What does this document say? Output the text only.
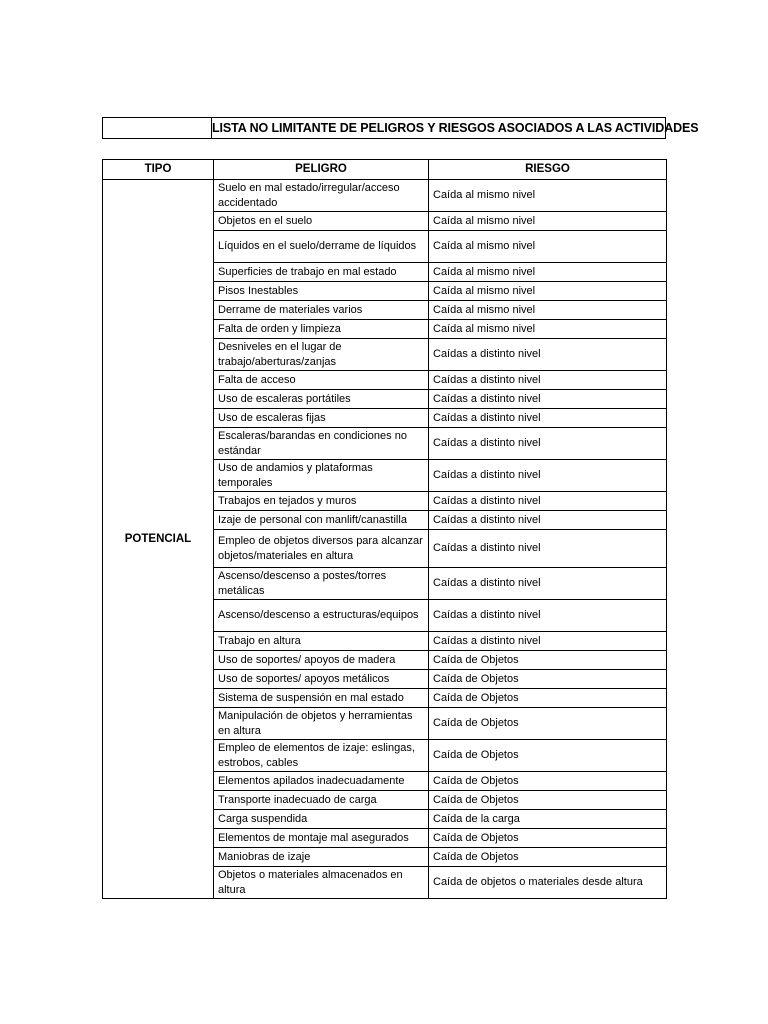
	LISTA NO LIMITANTE DE PELIGROS Y RIESGOS ASOCIADOS A LAS ACTIVIDADES
TIPO	PELIGRO	RIESGO
POTENCIAL	Suelo en mal estado/irregular/acceso accidentado	Caída al mismo nivel
	Objetos en el suelo	Caída al mismo nivel
	Líquidos en el suelo/derrame de líquidos	Caída al mismo nivel
	Superficies de trabajo en mal estado	Caída al mismo nivel
	Pisos Inestables	Caída al mismo nivel
	Derrame de materiales varios	Caída al mismo nivel
	Falta de orden y limpieza	Caída al mismo nivel
	Desniveles en el lugar de trabajo/aberturas/zanjas	Caídas a distinto nivel
	Falta de acceso	Caídas a distinto nivel
	Uso de escaleras portátiles	Caídas a distinto nivel
	Uso de escaleras fijas	Caídas a distinto nivel
	Escaleras/barandas en condiciones no estándar	Caídas a distinto nivel
	Uso de andamios y plataformas temporales	Caídas a distinto nivel
	Trabajos en tejados y muros	Caídas a distinto nivel
	Izaje de personal con manlift/canastilla	Caídas a distinto nivel
	Empleo de objetos diversos para alcanzar objetos/materiales en altura	Caídas a distinto nivel
	Ascenso/descenso a postes/torres metálicas	Caídas a distinto nivel
	Ascenso/descenso a estructuras/equipos	Caídas a distinto nivel
	Trabajo en altura	Caídas a distinto nivel
	Uso de soportes/ apoyos de madera	Caída de Objetos
	Uso de soportes/ apoyos metálicos	Caída de Objetos
	Sistema de suspensión en mal estado	Caída de Objetos
	Manipulación de objetos y herramientas en altura	Caída de Objetos
	Empleo de elementos de izaje: eslingas, estrobos, cables	Caída de Objetos
	Elementos apilados inadecuadamente	Caída de Objetos
	Transporte inadecuado de carga	Caída de Objetos
	Carga suspendida	Caída de la carga
	Elementos de montaje mal asegurados	Caída de Objetos
	Maniobras de izaje	Caída de Objetos
	Objetos o materiales almacenados en altura	Caída de objetos o materiales desde altura
